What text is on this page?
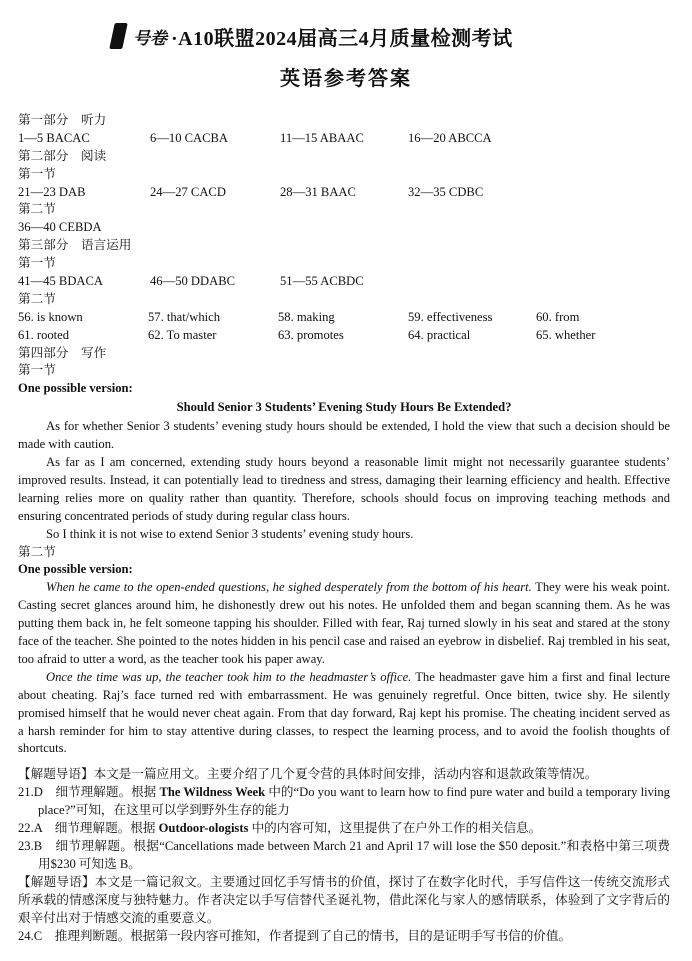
号卷 ·A10联盟2024届高三4月质量检测考试
英语参考答案
第一部分　听力
1—5 BACAC	6—10 CACBA	11—15 ABAAC	16—20 ABCCA
第二部分　阅读
第一节
21—23 DAB	24—27 CACD	28—31 BAAC	32—35 CDBC
第二节
36—40 CEBDA
第三部分　语言运用
第一节
41—45 BDACA	46—50 DDABC	51—55 ACBDC
第二节
56. is known	57. that/which	58. making	59. effectiveness	60. from
61. rooted	62. To master	63. promotes	64. practical	65. whether
第四部分　写作
第一节
One possible version:
Should Senior 3 Students’ Evening Study Hours Be Extended?

As for whether Senior 3 students’ evening study hours should be extended, I hold the view that such a decision should be made with caution.

As far as I am concerned, extending study hours beyond a reasonable limit might not necessarily guarantee students’ improved results. Instead, it can potentially lead to tiredness and stress, damaging their learning efficiency and health. Effective learning relies more on quality rather than quantity. Therefore, schools should focus on improving teaching methods and ensuring concentrated periods of study during regular class hours.

So I think it is not wise to extend Senior 3 students’ evening study hours.

第二节
One possible version:

When he came to the open-ended questions, he sighed desperately from the bottom of his heart. They were his weak point. Casting secret glances around him, he dishonestly drew out his notes. He unfolded them and began scanning them. As he was putting them back in, he felt someone tapping his shoulder. Filled with fear, Raj turned slowly in his seat and stared at the stony face of the teacher. She pointed to the notes hidden in his pencil case and raised an eyebrow in disbelief. Raj trembled in his seat, too afraid to utter a word, as the teacher took his paper away.

Once the time was up, the teacher took him to the headmaster’s office. The headmaster gave him a first and final lecture about cheating. Raj’s face turned red with embarrassment. He was genuinely regretful. Once bitten, twice shy. He silently promised himself that he would never cheat again. From that day forward, Raj kept his promise. The cheating incident served as a harsh reminder for him to stay attentive during classes, to respect the learning process, and to avoid the foolish thoughts of shortcuts.

【解题导语】本文是一篇应用文。主要介绍了几个夏令营的具体时间安排，活动内容和退款政策等情况。

21.D　细节理解题。根据 The Wildness Week 中的“Do you want to learn how to find pure water and build a temporary living place?”可知，在这里可以学到野外生存的能力

22.A　细节理解题。根据 Outdoor-ologists 中的内容可知，这里提供了在户外工作的相关信息。

23.B　细节理解题。根据“Cancellations made between March 21 and April 17 will lose the $50 deposit.”和表格中第三项费用$230 可知选 B。

【解题导语】本文是一篇记叙文。主要通过回忆手写情书的价值，探讨了在数字化时代，手写信件这一传统交流形式所承载的情感深度与独特魅力。作者决定以手写信替代圣诞礼物，借此深化与家人的感情联系，体验到了文字背后的艰辛付出对于情感交流的重要意义。

24.C　推理判断题。根据第一段内容可推知，作者提到了自己的情书，目的是证明手写书信的价值。
